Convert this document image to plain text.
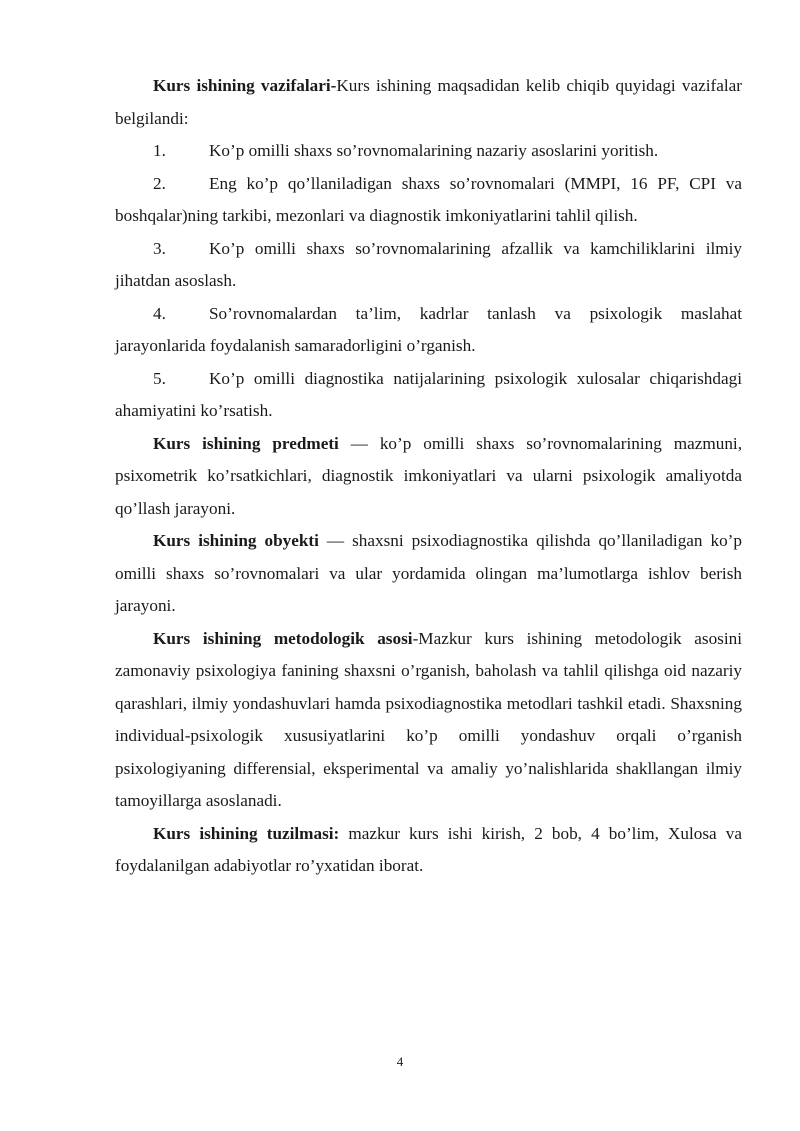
Kurs ishining vazifalari-Kurs ishining maqsadidan kelib chiqib quyidagi vazifalar belgilandi:

1.	Ko’p omilli shaxs so’rovnomalarining nazariy asoslarini yoritish.
2.	Eng ko’p qo’llaniladigan shaxs so’rovnomalari (MMPI, 16 PF, CPI va boshqalar)ning tarkibi, mezonlari va diagnostik imkoniyatlarini tahlil qilish.
3.	Ko’p omilli shaxs so’rovnomalarining afzallik va kamchiliklarini ilmiy jihatdan asoslash.
4.	So’rovnomalardan ta’lim, kadrlar tanlash va psixologik maslahat jarayonlarida foydalanish samaradorligini o’rganish.
5.	Ko’p omilli diagnostika natijalarining psixologik xulosalar chiqarishdagi ahamiyatini ko’rsatish.

Kurs ishining predmeti — ko’p omilli shaxs so’rovnomalarining mazmuni, psixometrik ko’rsatkichlari, diagnostik imkoniyatlari va ularni psixologik amaliyotda qo’llash jarayoni.

Kurs ishining obyekti — shaxsni psixodiagnostika qilishda qo’llaniladigan ko’p omilli shaxs so’rovnomalari va ular yordamida olingan ma’lumotlarga ishlov berish jarayoni.

Kurs ishining metodologik asosi-Mazkur kurs ishining metodologik asosini zamonaviy psixologiya fanining shaxsni o’rganish, baholash va tahlil qilishga oid nazariy qarashlari, ilmiy yondashuvlari hamda psixodiagnostika metodlari tashkil etadi. Shaxsning individual-psixologik xususiyatlarini ko’p omilli yondashuv orqali o’rganish psixologiyaning differensial, eksperimental va amaliy yo’nalishlarida shakllangan ilmiy tamoyillarga asoslanadi.

Kurs ishining tuzilmasi: mazkur kurs ishi kirish, 2 bob, 4 bo’lim, Xulosa va foydalanilgan adabiyotlar ro’yxatidan iborat.

4
